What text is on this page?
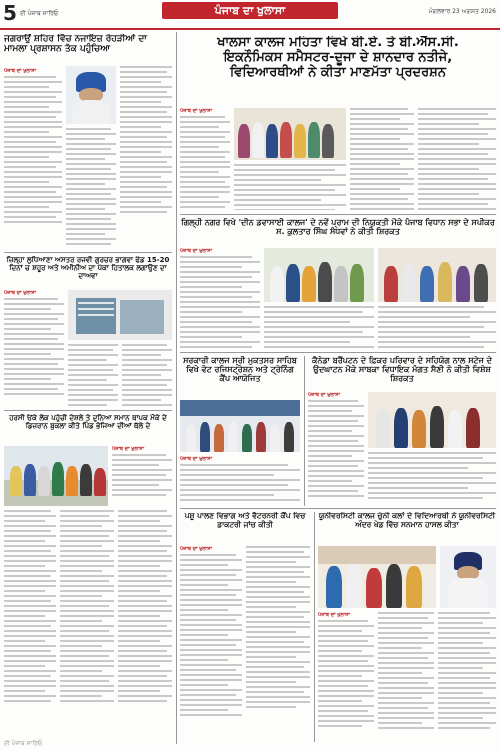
5 ਈ ਪੰਜਾਬ ਸਾਰਿਓ	ਪੰਜਾਬ ਦਾ ਖੁਲਾਸਾ	ਮੰਗਲਵਾਰ 23 ਅਗਸਤ 2026
ਜਗਰਾਉਂ ਸ਼ਹਿਰ ਵਿੱਚ ਨਜਾਇਜ਼ ਰੇਹੜੀਆਂ ਦਾ ਮਾਮਲਾ ਪ੍ਰਸ਼ਾਸਨ ਤੱਕ ਪਹੁੰਚਿਆ
ਪੰਜਾਬ ਦਾ ਖੁਲਾਸਾ
ਜ਼ਿਲ੍ਹਾ ਲੁਧਿਆਣਾ ਅਸਤਰ ਰਜਵੀ ਗੁਰਚਰ ਭਾਗਵਾ ਫੰਡ 15-20 ਦਿਨਾਂ ਚ ਸ਼ਹੂਰ ਅਤੇ ਅਮੀਨੀਅ ਦਾ ਪੱਕਾ ਹਿਤਾਲਕ ਲਗਾਉਣ ਦਾ ਦਾਅਵਾ
ਪੰਜਾਬ ਦਾ ਖੁਲਾਸਾ
ਹਰਸੀ ਓਂਕੇ ਲੋਕ ਪਹੁੰਚੀ ਦੇਸ਼ਲੇ ਤੇ ਦੁਨਿਆ ਸਮਾਨ ਥਾਪਕ ਮੌਕੇ ਦੇ ਡਿਜ਼ਰਾਨ ਬੁਕਲਾ ਕੀਤੇ ਪਿੰਡ ਭੇਜਿਆ ਦੀਆਂ ਥੱਲੇ ਦੇ
ਪੰਜਾਬ ਦਾ ਖੁਲਾਸਾ
ਖਾਲਸਾ ਕਾਲਜ ਮਹਿਤਾ ਵਿਖੇ ਬੀ.ਏ. ਤੇ ਬੀ.ਐੱਸ.ਸੀ.
ਇਕਨੌਮਿਕਸ ਸਮੈਸਟਰ-ਦੂਜਾ ਦੇ ਸ਼ਾਨਦਾਰ ਨਤੀਜੇ,
ਵਿਦਿਆਰਥੀਆਂ ਨੇ ਕੀਤਾ ਮਾਣਮੱਤਾ ਪ੍ਰਦਰਸ਼ਨ
ਪੰਜਾਬ ਦਾ ਖੁਲਾਸਾ
ਗਿਲ੍ਹੀ ਨਗਰ ਵਿਖੇ 'ਦੀਨ ਡਵਾਸਾਈ ਕਾਲਜ' ਦੇ ਨਵੇਂ ਪ੍ਰਾਮ ਦੀ ਨਿਯੁਕਤੀ ਮੌਕੇ ਪੰਜਾਬ ਵਿਧਾਨ ਸਭਾ ਦੇ ਸਪੀਕਰ ਸ. ਕੁਲਤਾਰ ਸਿੰਘ ਸੰਧਵਾਂ ਨੇ ਕੀਤੀ ਸ਼ਿਰਕਤ
ਪੰਜਾਬ ਦਾ ਖੁਲਾਸਾ
ਸਰਕਾਰੀ ਕਾਲਜ ਸ੍ਰੀ ਮੁਕਤਸਰ ਸਾਹਿਬ ਵਿਖੇ ਵੋਟ ਰਜਿਸਟ੍ਰੇਸ਼ਨ ਅਤੇ ਟ੍ਰੇਨਿੰਗ ਕੈਂਪ ਆਯੋਜਿਤ
ਪੰਜਾਬ ਦਾ ਖੁਲਾਸਾ
ਕੈਨੇਡਾ ਬਰੈਂਪਟਨ ਦੇ ਫ਼ਿਕਰ ਪਰਿਵਾਰ ਦੇ ਸਹਿਯੋਗ ਨਾਲ ਸਟੇਜ ਦੇ ਉਦਘਾਟਨ ਮੌਕੇ ਸਾਬਕਾ ਵਿਧਾਇਕ ਮੰਗਤ ਸੈਣੀ ਨੇ ਕੀਤੀ ਵਿਸ਼ੇਸ਼ ਸ਼ਿਰਕਤ
ਪੰਜਾਬ ਦਾ ਖੁਲਾਸਾ
ਪਸ਼ੂ ਪਾਲਣ ਵਿਭਾਗ ਅਤੇ ਵੈਟਰਨਰੀ ਕੈਂਪ ਵਿਚ ਡਾਕਟਰੀ ਜਾਂਚ ਕੀਤੀ
ਪੰਜਾਬ ਦਾ ਖੁਲਾਸਾ
ਯੂਨੀਵਰਸਿਟੀ ਕਾਲਜ ਚੁੰਨੀ ਕਲਾਂ ਦੇ ਵਿਦਿਆਰਥੀ ਨੇ ਯੂਨੀਵਰਸਿਟੀ ਅੰਦਰ ਖੇਡ ਵਿੱਚ ਸਨਮਾਨ ਹਾਸਲ ਕੀਤਾ
ਪੰਜਾਬ ਦਾ ਖੁਲਾਸਾ
ਈ ਪੰਜਾਬ ਸਾਰਿਓ
